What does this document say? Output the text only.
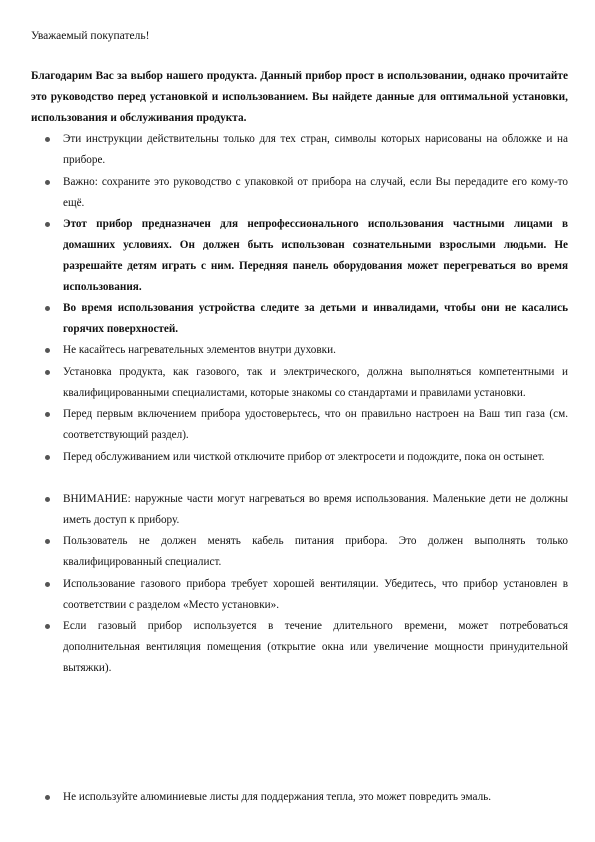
Уважаемый покупатель!
Благодарим Вас за выбор нашего продукта. Данный прибор прост в использовании, однако прочитайте это руководство перед установкой и использованием. Вы найдете данные для оптимальной установки, использования и обслуживания продукта.
Эти инструкции действительны только для тех стран, символы которых нарисованы на обложке и на приборе.
Важно: сохраните это руководство с упаковкой от прибора на случай, если Вы передадите его кому-то ещё.
Этот прибор предназначен для непрофессионального использования частными лицами в домашних условиях. Он должен быть использован сознательными взрослыми людьми. Не разрешайте детям играть с ним. Передняя панель оборудования может перегреваться во время использования.
Во время использования устройства следите за детьми и инвалидами, чтобы они не касались горячих поверхностей.
Не касайтесь нагревательных элементов внутри духовки.
Установка продукта, как газового, так и электрического, должна выполняться компетентными и квалифицированными специалистами, которые знакомы со стандартами и правилами установки.
Перед первым включением прибора удостоверьтесь, что он правильно настроен на Ваш тип газа (см. соответствующий раздел).
Перед обслуживанием или чисткой отключите прибор от электросети и подождите, пока он остынет.
ВНИМАНИЕ: наружные части могут нагреваться во время использования. Маленькие дети не должны иметь доступ к прибору.
Пользователь не должен менять кабель питания прибора. Это должен выполнять только квалифицированный специалист.
Использование газового прибора требует хорошей вентиляции. Убедитесь, что прибор установлен в соответствии с разделом «Место установки».
Если газовый прибор используется в течение длительного времени, может потребоваться дополнительная вентиляция помещения (открытие окна или увеличение мощности принудительной вытяжки).
Не используйте алюминиевые листы для поддержания тепла, это может повредить эмаль.
